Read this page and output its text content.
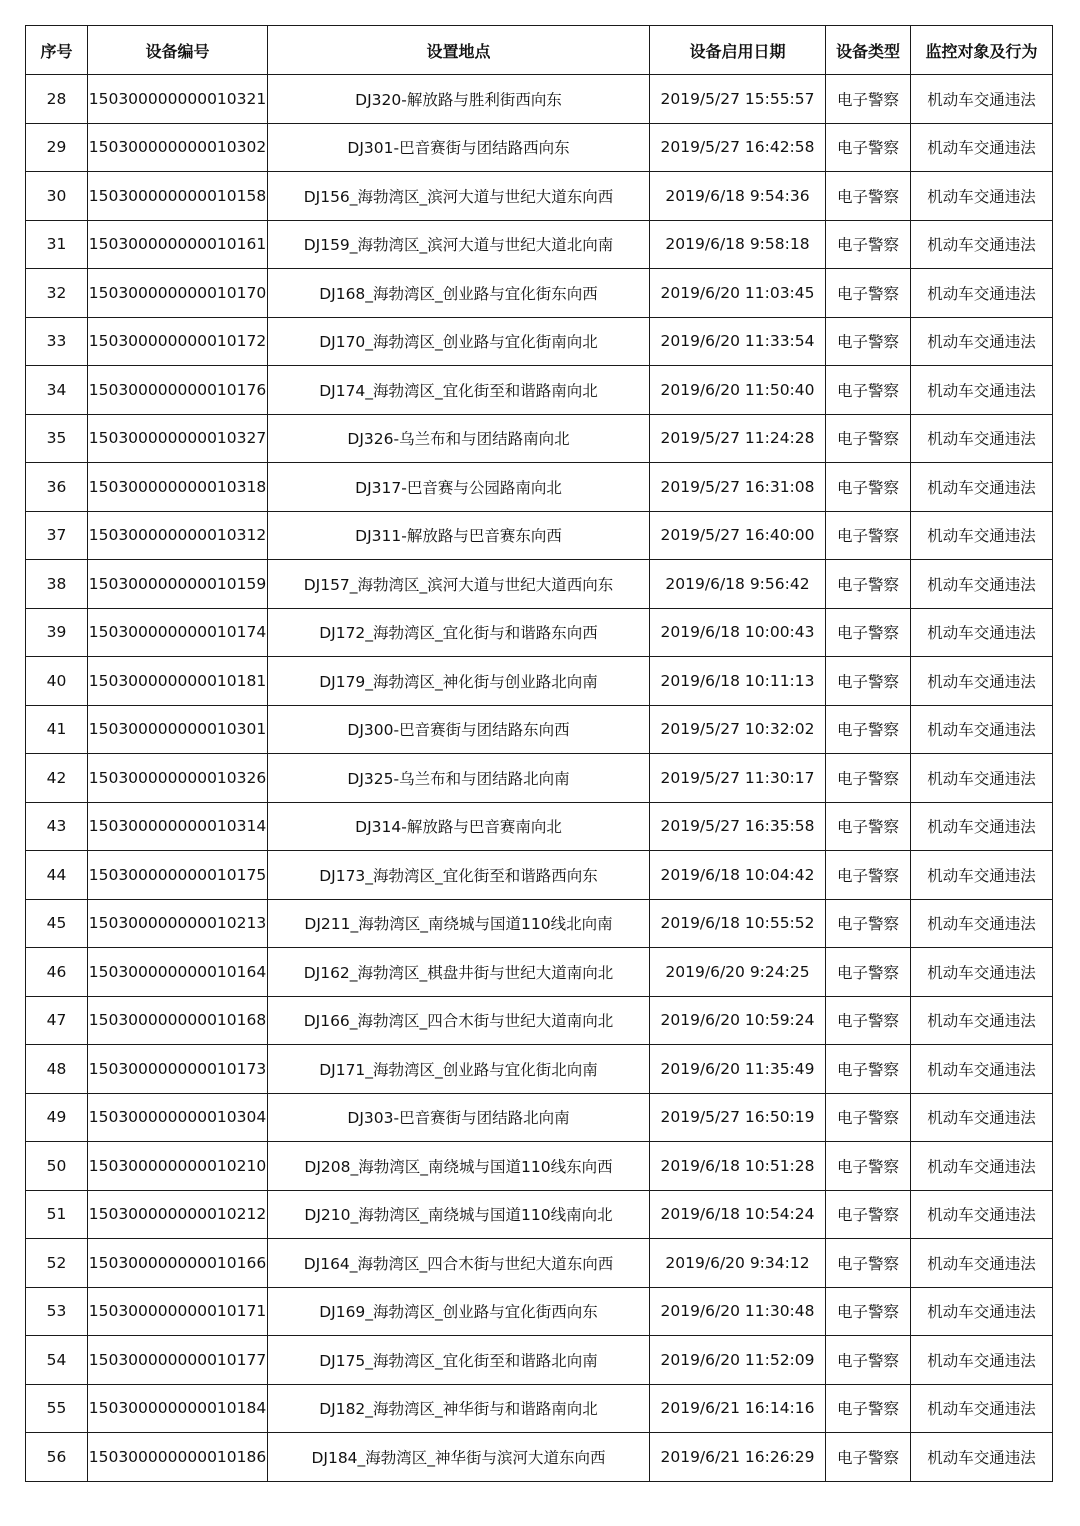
序号	设备编号	设置地点	设备启用日期	设备类型	监控对象及行为
28	150300000000010321	DJ320-解放路与胜利街西向东	2019/5/27 15:55:57	电子警察	机动车交通违法
29	150300000000010302	DJ301-巴音赛街与团结路西向东	2019/5/27 16:42:58	电子警察	机动车交通违法
30	150300000000010158	DJ156_海勃湾区_滨河大道与世纪大道东向西	2019/6/18 9:54:36	电子警察	机动车交通违法
31	150300000000010161	DJ159_海勃湾区_滨河大道与世纪大道北向南	2019/6/18 9:58:18	电子警察	机动车交通违法
32	150300000000010170	DJ168_海勃湾区_创业路与宜化街东向西	2019/6/20 11:03:45	电子警察	机动车交通违法
33	150300000000010172	DJ170_海勃湾区_创业路与宜化街南向北	2019/6/20 11:33:54	电子警察	机动车交通违法
34	150300000000010176	DJ174_海勃湾区_宜化街至和谐路南向北	2019/6/20 11:50:40	电子警察	机动车交通违法
35	150300000000010327	DJ326-乌兰布和与团结路南向北	2019/5/27 11:24:28	电子警察	机动车交通违法
36	150300000000010318	DJ317-巴音赛与公园路南向北	2019/5/27 16:31:08	电子警察	机动车交通违法
37	150300000000010312	DJ311-解放路与巴音赛东向西	2019/5/27 16:40:00	电子警察	机动车交通违法
38	150300000000010159	DJ157_海勃湾区_滨河大道与世纪大道西向东	2019/6/18 9:56:42	电子警察	机动车交通违法
39	150300000000010174	DJ172_海勃湾区_宜化街与和谐路东向西	2019/6/18 10:00:43	电子警察	机动车交通违法
40	150300000000010181	DJ179_海勃湾区_神化街与创业路北向南	2019/6/18 10:11:13	电子警察	机动车交通违法
41	150300000000010301	DJ300-巴音赛街与团结路东向西	2019/5/27 10:32:02	电子警察	机动车交通违法
42	150300000000010326	DJ325-乌兰布和与团结路北向南	2019/5/27 11:30:17	电子警察	机动车交通违法
43	150300000000010314	DJ314-解放路与巴音赛南向北	2019/5/27 16:35:58	电子警察	机动车交通违法
44	150300000000010175	DJ173_海勃湾区_宜化街至和谐路西向东	2019/6/18 10:04:42	电子警察	机动车交通违法
45	150300000000010213	DJ211_海勃湾区_南绕城与国道110线北向南	2019/6/18 10:55:52	电子警察	机动车交通违法
46	150300000000010164	DJ162_海勃湾区_棋盘井街与世纪大道南向北	2019/6/20 9:24:25	电子警察	机动车交通违法
47	150300000000010168	DJ166_海勃湾区_四合木街与世纪大道南向北	2019/6/20 10:59:24	电子警察	机动车交通违法
48	150300000000010173	DJ171_海勃湾区_创业路与宜化街北向南	2019/6/20 11:35:49	电子警察	机动车交通违法
49	150300000000010304	DJ303-巴音赛街与团结路北向南	2019/5/27 16:50:19	电子警察	机动车交通违法
50	150300000000010210	DJ208_海勃湾区_南绕城与国道110线东向西	2019/6/18 10:51:28	电子警察	机动车交通违法
51	150300000000010212	DJ210_海勃湾区_南绕城与国道110线南向北	2019/6/18 10:54:24	电子警察	机动车交通违法
52	150300000000010166	DJ164_海勃湾区_四合木街与世纪大道东向西	2019/6/20 9:34:12	电子警察	机动车交通违法
53	150300000000010171	DJ169_海勃湾区_创业路与宜化街西向东	2019/6/20 11:30:48	电子警察	机动车交通违法
54	150300000000010177	DJ175_海勃湾区_宜化街至和谐路北向南	2019/6/20 11:52:09	电子警察	机动车交通违法
55	150300000000010184	DJ182_海勃湾区_神华街与和谐路南向北	2019/6/21 16:14:16	电子警察	机动车交通违法
56	150300000000010186	DJ184_海勃湾区_神华街与滨河大道东向西	2019/6/21 16:26:29	电子警察	机动车交通违法
